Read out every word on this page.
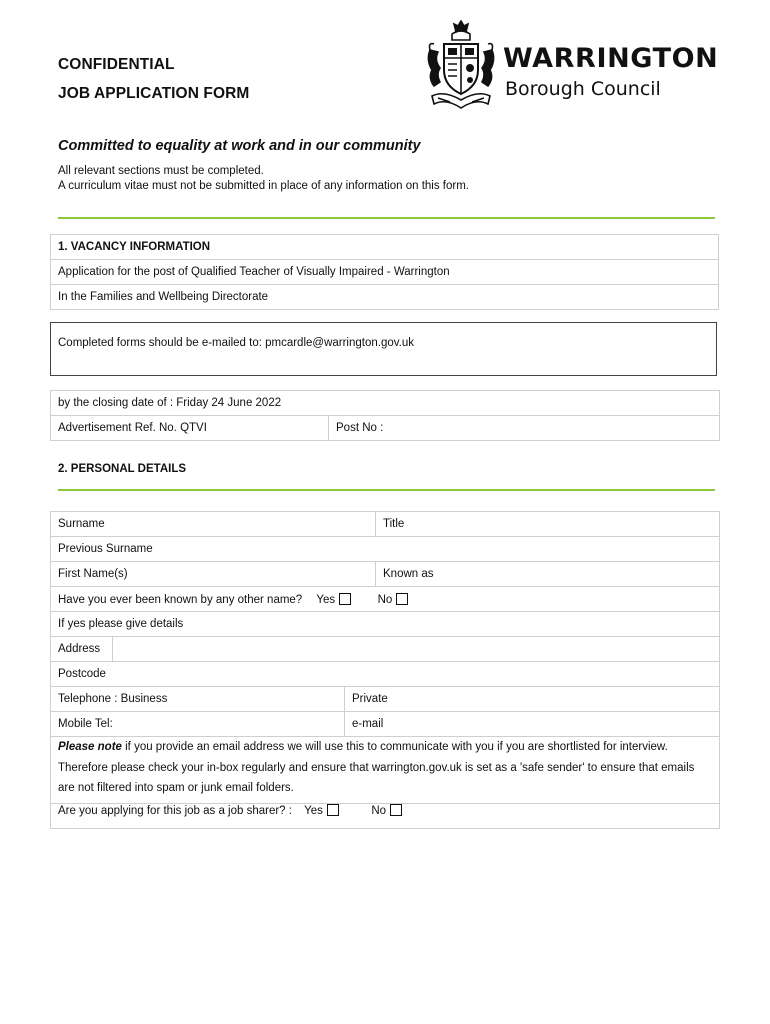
CONFIDENTIAL
JOB APPLICATION FORM
WARRINGTON
Borough Council
Committed to equality at work and in our community
All relevant sections must be completed.
A curriculum vitae must not be submitted in place of any information on this form.
1. VACANCY INFORMATION
Application for the post of Qualified Teacher of Visually Impaired - Warrington
In the Families and Wellbeing Directorate
Completed forms should be e-mailed to: pmcardle@warrington.gov.uk
by the closing date of : Friday 24 June 2022
Advertisement Ref. No. QTVI	Post No :
2. PERSONAL DETAILS
Surname			Title
Previous Surname			
First Name(s)			Known as
Have you ever been known by any other name? Yes No			
If yes please give details			
Address			
Postcode			
Telephone : Business		Private	
Mobile Tel:		e-mail	
Please note if you provide an email address we will use this to communicate with you if you are shortlisted for interview. Therefore please check your in-box regularly and ensure that warrington.gov.uk is set as a 'safe sender' to ensure that emails are not filtered into spam or junk email folders.			
Are you applying for this job as a job sharer? : Yes No			
